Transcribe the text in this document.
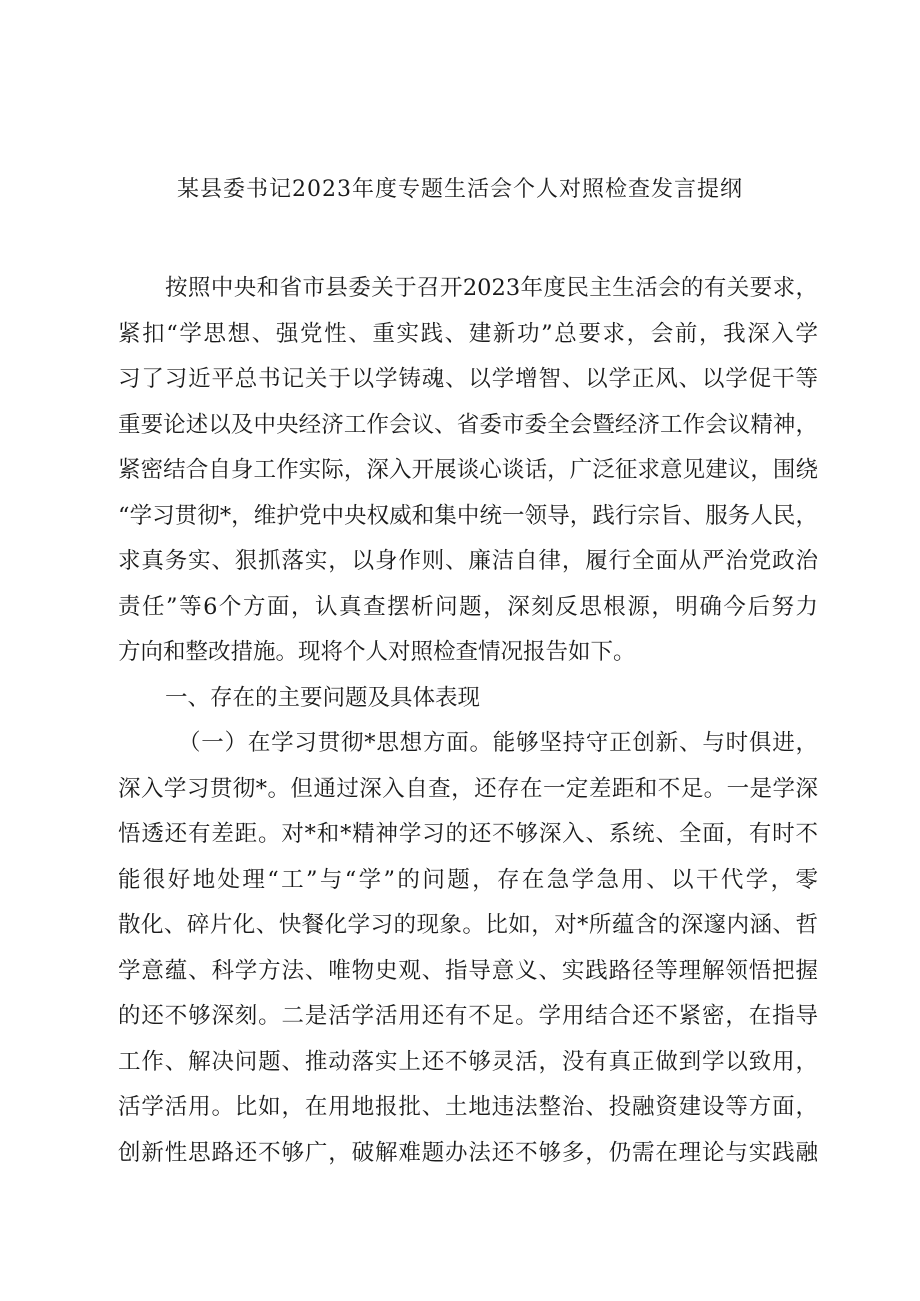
某县委书记2023年度专题生活会个人对照检查发言提纲
按照中央和省市县委关于召开2023年度民主生活会的有关要求，
紧扣“学思想、强党性、重实践、建新功”总要求，会前，我深入学
习了习近平总书记关于以学铸魂、以学增智、以学正风、以学促干等
重要论述以及中央经济工作会议、省委市委全会暨经济工作会议精神，
紧密结合自身工作实际，深入开展谈心谈话，广泛征求意见建议，围绕
“学习贯彻*，维护党中央权威和集中统一领导，践行宗旨、服务人民，
求真务实、狠抓落实，以身作则、廉洁自律，履行全面从严治党政治
责任”等6个方面，认真查摆析问题，深刻反思根源，明确今后努力
方向和整改措施。现将个人对照检查情况报告如下。
一、存在的主要问题及具体表现
（一）在学习贯彻*思想方面。能够坚持守正创新、与时俱进，
深入学习贯彻*。但通过深入自查，还存在一定差距和不足。一是学深
悟透还有差距。对*和*精神学习的还不够深入、系统、全面，有时不
能很好地处理“工”与“学”的问题，存在急学急用、以干代学，零
散化、碎片化、快餐化学习的现象。比如，对*所蕴含的深邃内涵、哲
学意蕴、科学方法、唯物史观、指导意义、实践路径等理解领悟把握
的还不够深刻。二是活学活用还有不足。学用结合还不紧密，在指导
工作、解决问题、推动落实上还不够灵活，没有真正做到学以致用，
活学活用。比如，在用地报批、土地违法整治、投融资建设等方面，
创新性思路还不够广，破解难题办法还不够多，仍需在理论与实践融
